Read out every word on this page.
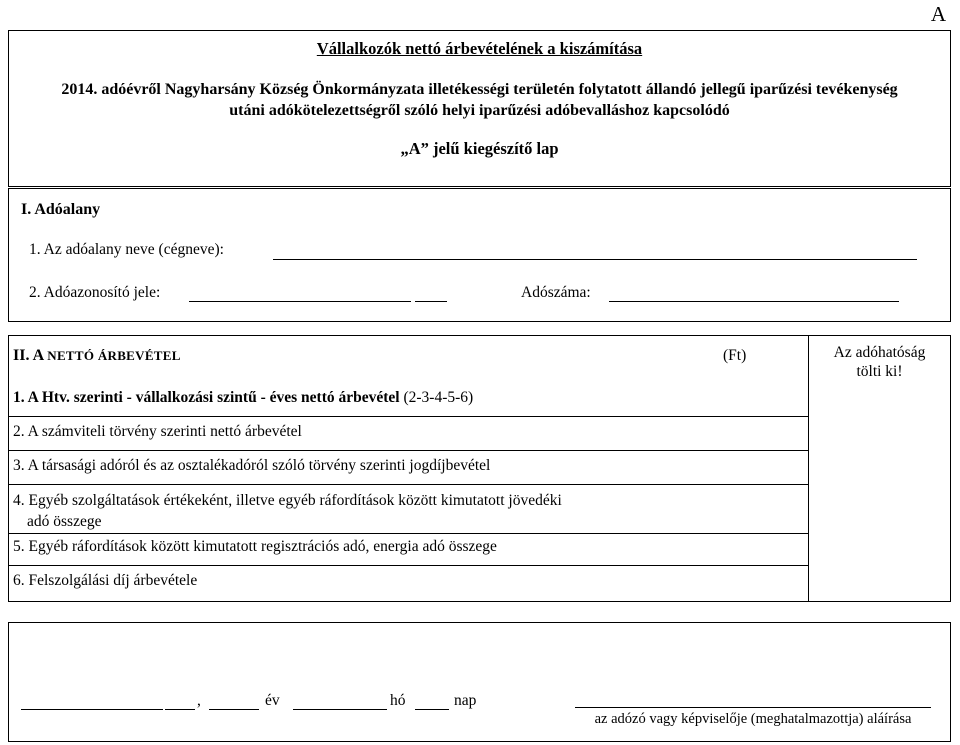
A
Vállalkozók nettó árbevételének a kiszámítása
2014. adóévről Nagyharsány Község Önkormányzata illetékességi területén folytatott állandó jellegű iparűzési tevékenység
utáni adókötelezettségről szóló helyi iparűzési adóbevalláshoz kapcsolódó
„A” jelű kiegészítő lap
I. Adóalany
1. Az adóalany neve (cégneve):
2. Adóazonosító jele:	Adószáma:
II. A NETTÓ ÁRBEVÉTEL	(Ft)	Az adóhatóság
tölti ki!
1. A Htv. szerinti - vállalkozási szintű - éves nettó árbevétel (2-3-4-5-6)
2. A számviteli törvény szerinti nettó árbevétel
3. A társasági adóról és az osztalékadóról szóló törvény szerinti jogdíjbevétel
4. Egyéb szolgáltatások értékeként, illetve egyéb ráfordítások között kimutatott jövedéki
adó összege
5. Egyéb ráfordítások között kimutatott regisztrációs adó, energia adó összege
6. Felszolgálási díj árbevétele
,	év	hó	nap
az adózó vagy képviselője (meghatalmazottja) aláírása
